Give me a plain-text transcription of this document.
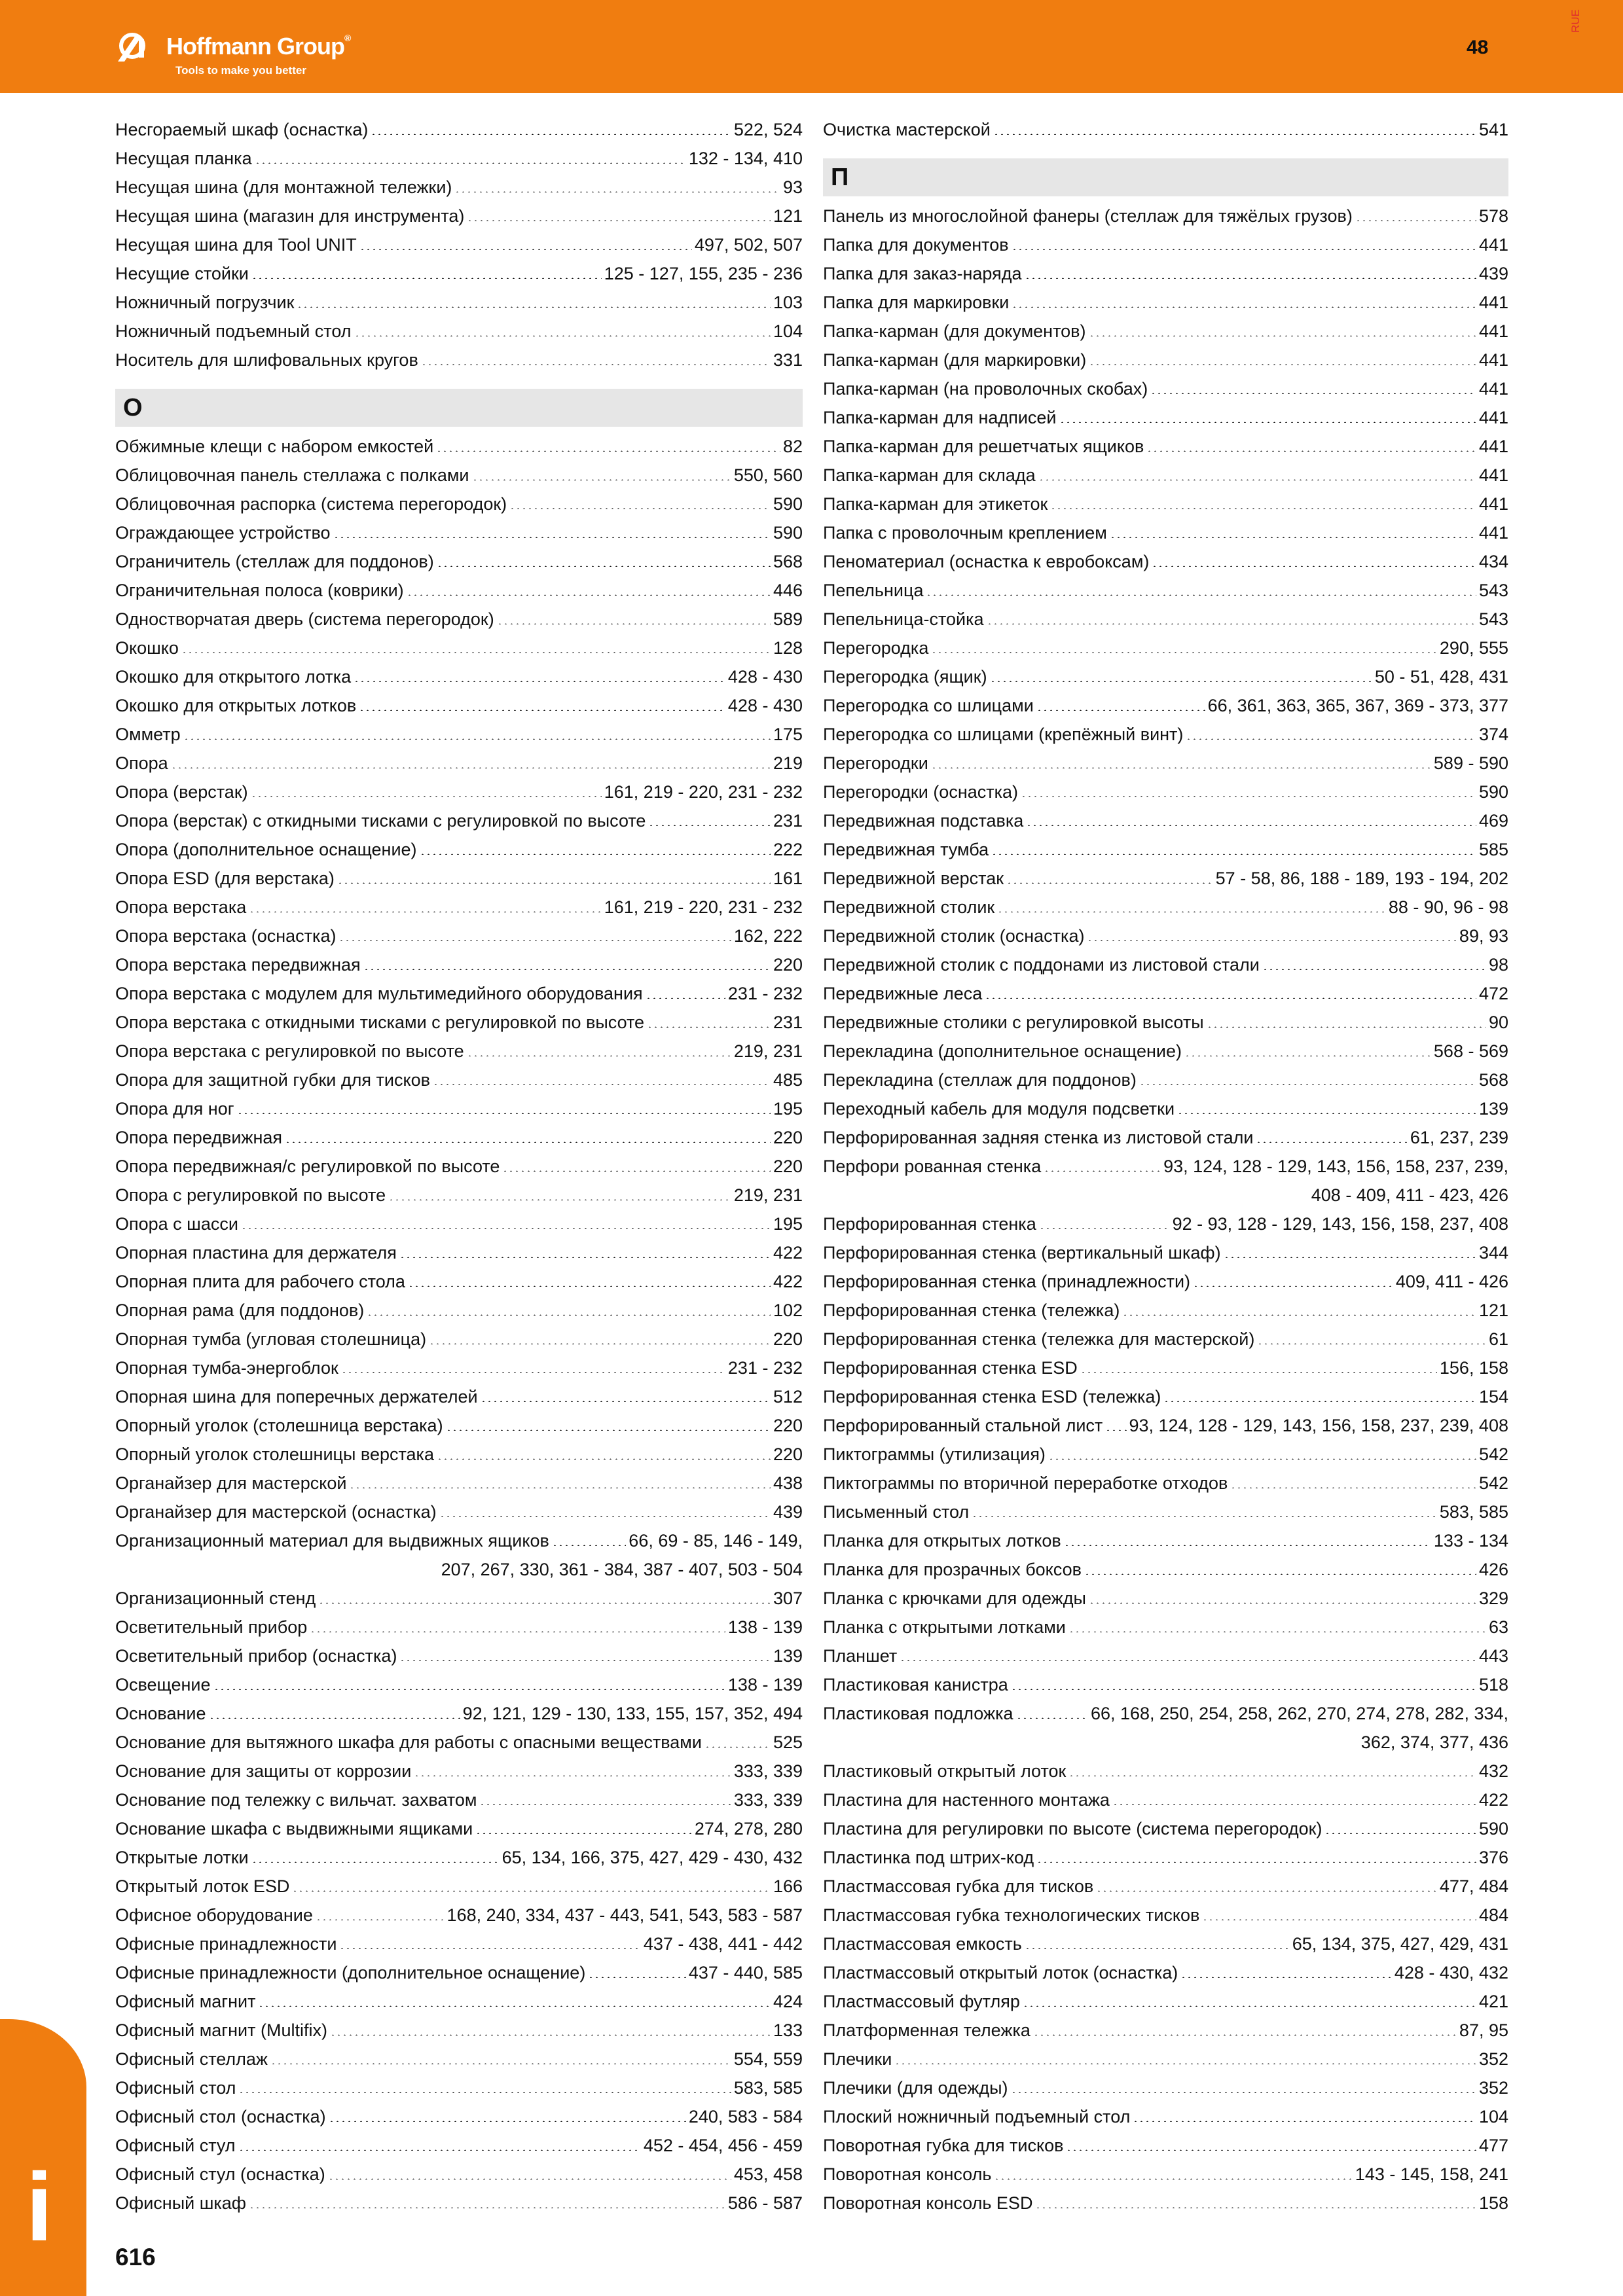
Hoffmann Group®
Tools to make you better
48
RUE
Несгораемый шкаф (оснастка)	522, 524
Несущая планка	132 - 134, 410
Несущая шина (для монтажной тележки)	93
Несущая шина (магазин для инструмента)	121
Несущая шина для Tool UNIT	497, 502, 507
Несущие стойки	125 - 127, 155, 235 - 236
Ножничный погрузчик	103
Ножничный подъемный стол	104
Носитель для шлифовальных кругов	331
О
Обжимные клещи с набором емкостей	82
Облицовочная панель стеллажа с полками	550, 560
Облицовочная распорка (система перегородок)	590
Ограждающее устройство	590
Ограничитель (стеллаж для поддонов)	568
Ограничительная полоса (коврики)	446
Одностворчатая дверь (система перегородок)	589
Окошко	128
Окошко для открытого лотка	428 - 430
Окошко для открытых лотков	428 - 430
Омметр	175
Опора	219
Опора (верстак)	161, 219 - 220, 231 - 232
Опора (верстак) с откидными тисками с регулировкой по высоте	231
Опора (дополнительное оснащение)	222
Опора ESD (для верстака)	161
Опора верстака	161, 219 - 220, 231 - 232
Опора верстака (оснастка)	162, 222
Опора верстака передвижная	220
Опора верстака с модулем для мультимедийного оборудования	231 - 232
Опора верстака с откидными тисками с регулировкой по высоте	231
Опора верстака с регулировкой по высоте	219, 231
Опора для защитной губки для тисков	485
Опора для ног	195
Опора передвижная	220
Опора передвижная/с регулировкой по высоте	220
Опора с регулировкой по высоте	219, 231
Опора с шасси	195
Опорная пластина для держателя	422
Опорная плита для рабочего стола	422
Опорная рама (для поддонов)	102
Опорная тумба (угловая столешница)	220
Опорная тумба-энергоблок	231 - 232
Опорная шина для поперечных держателей	512
Опорный уголок (столешница верстака)	220
Опорный уголок столешницы верстака	220
Органайзер для мастерской	438
Органайзер для мастерской (оснастка)	439
Организационный материал для выдвижных ящиков	66, 69 - 85, 146 - 149,
207, 267, 330, 361 - 384, 387 - 407, 503 - 504
Организационный стенд	307
Осветительный прибор	138 - 139
Осветительный прибор (оснастка)	139
Освещение	138 - 139
Основание	92, 121, 129 - 130, 133, 155, 157, 352, 494
Основание для вытяжного шкафа для работы с опасными веществами	525
Основание для защиты от коррозии	333, 339
Основание под тележку с вильчат. захватом	333, 339
Основание шкафа с выдвижными ящиками	274, 278, 280
Открытые лотки	65, 134, 166, 375, 427, 429 - 430, 432
Открытый лоток ESD	166
Офисное оборудование	168, 240, 334, 437 - 443, 541, 543, 583 - 587
Офисные принадлежности	437 - 438, 441 - 442
Офисные принадлежности (дополнительное оснащение)	437 - 440, 585
Офисный магнит	424
Офисный магнит (Multifix)	133
Офисный стеллаж	554, 559
Офисный стол	583, 585
Офисный стол (оснастка)	240, 583 - 584
Офисный стул	452 - 454, 456 - 459
Офисный стул (оснастка)	453, 458
Офисный шкаф	586 - 587
Очистка мастерской	541
П
Панель из многослойной фанеры (стеллаж для тяжёлых грузов)	578
Папка для документов	441
Папка для заказ-наряда	439
Папка для маркировки	441
Папка-карман (для документов)	441
Папка-карман (для маркировки)	441
Папка-карман (на проволочных скобах)	441
Папка-карман для надписей	441
Папка-карман для решетчатых ящиков	441
Папка-карман для склада	441
Папка-карман для этикеток	441
Папка с проволочным креплением	441
Пеноматериал (оснастка к евробоксам)	434
Пепельница	543
Пепельница-стойка	543
Перегородка	290, 555
Перегородка (ящик)	50 - 51, 428, 431
Перегородка со шлицами	66, 361, 363, 365, 367, 369 - 373, 377
Перегородка со шлицами (крепёжный винт)	374
Перегородки	589 - 590
Перегородки (оснастка)	590
Передвижная подставка	469
Передвижная тумба	585
Передвижной верстак	57 - 58, 86, 188 - 189, 193 - 194, 202
Передвижной столик	88 - 90, 96 - 98
Передвижной столик (оснастка)	89, 93
Передвижной столик с поддонами из листовой стали	98
Передвижные леса	472
Передвижные столики с регулировкой высоты	90
Перекладина (дополнительное оснащение)	568 - 569
Перекладина (стеллаж для поддонов)	568
Переходный кабель для модуля подсветки	139
Перфорированная задняя стенка из листовой стали	61, 237, 239
Перфори рованная стенка	93, 124, 128 - 129, 143, 156, 158, 237, 239,
408 - 409, 411 - 423, 426
Перфорированная стенка	92 - 93, 128 - 129, 143, 156, 158, 237, 408
Перфорированная стенка (вертикальный шкаф)	344
Перфорированная стенка (принадлежности)	409, 411 - 426
Перфорированная стенка (тележка)	121
Перфорированная стенка (тележка для мастерской)	61
Перфорированная стенка ESD	156, 158
Перфорированная стенка ESD (тележка)	154
Перфорированный стальной лист 93, 124, 128 - 129, 143, 156, 158, 237, 239, 408
Пиктограммы (утилизация)	542
Пиктограммы по вторичной переработке отходов	542
Письменный стол	583, 585
Планка для открытых лотков	133 - 134
Планка для прозрачных боксов	426
Планка с крючками для одежды	329
Планка с открытыми лотками	63
Планшет	443
Пластиковая канистра	518
Пластиковая подложка	66, 168, 250, 254, 258, 262, 270, 274, 278, 282, 334,
362, 374, 377, 436
Пластиковый открытый лоток	432
Пластина для настенного монтажа	422
Пластина для регулировки по высоте (система перегородок)	590
Пластинка под штрих-код	376
Пластмассовая губка для тисков	477, 484
Пластмассовая губка технологических тисков	484
Пластмассовая емкость	65, 134, 375, 427, 429, 431
Пластмассовый открытый лоток (оснастка)	428 - 430, 432
Пластмассовый футляр	421
Платформенная тележка	87, 95
Плечики	352
Плечики (для одежды)	352
Плоский ножничный подъемный стол	104
Поворотная губка для тисков	477
Поворотная консоль	143 - 145, 158, 241
Поворотная консоль ESD	158
i	616
